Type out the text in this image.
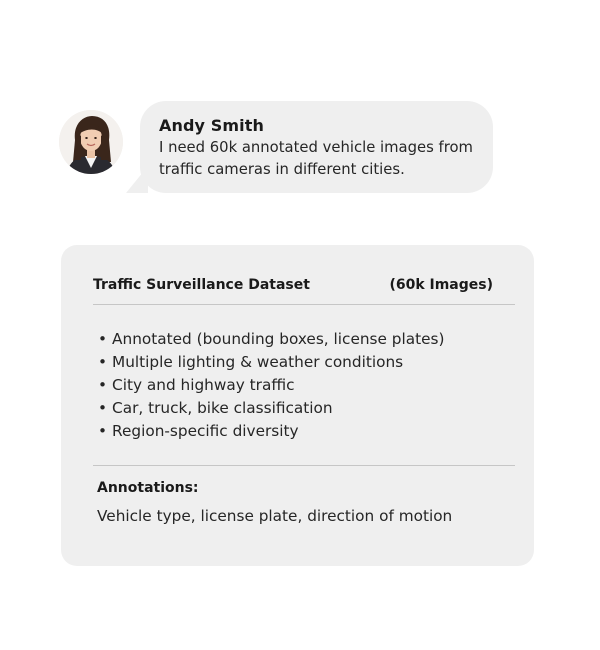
Andy Smith
I need 60k annotated vehicle images from traffic cameras in different cities.
Traffic Surveillance Dataset	(60k Images)
• Annotated (bounding boxes, license plates)
• Multiple lighting & weather conditions
• City and highway traffic
• Car, truck, bike classification
• Region-specific diversity
Annotations:
Vehicle type, license plate, direction of motion
